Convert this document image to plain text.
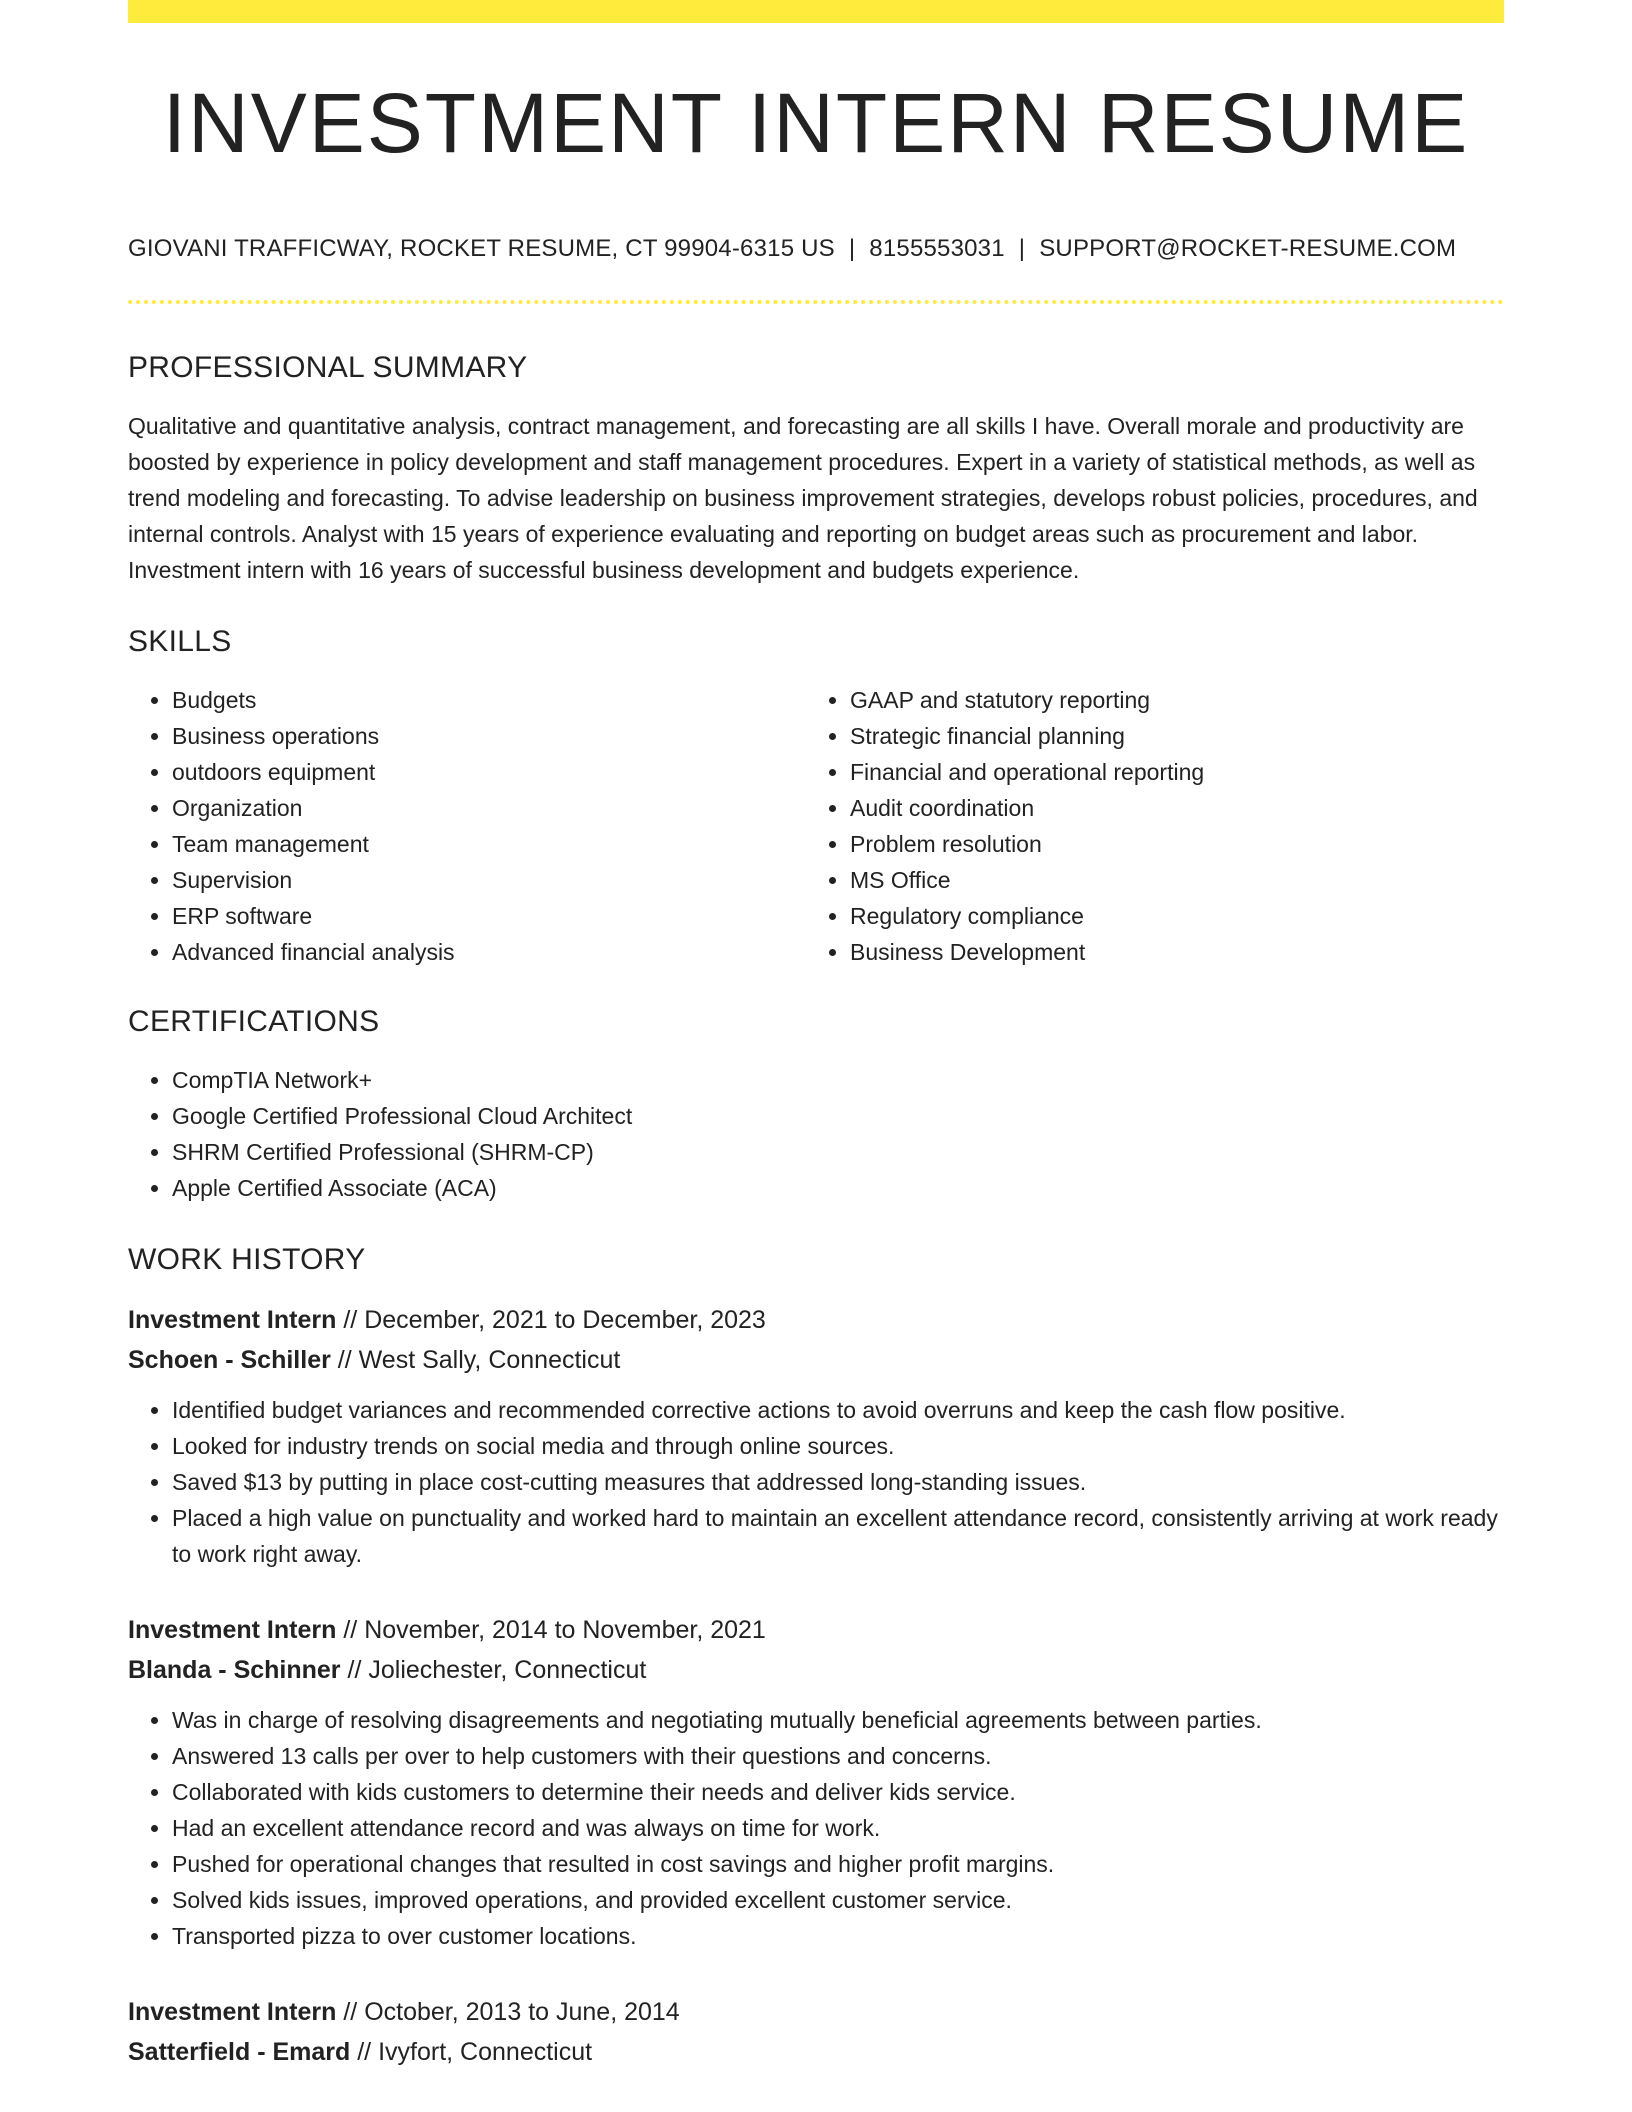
INVESTMENT INTERN RESUME
GIOVANI TRAFFICWAY, ROCKET RESUME, CT 99904-6315 US | 8155553031 | SUPPORT@ROCKET-RESUME.COM
PROFESSIONAL SUMMARY
Qualitative and quantitative analysis, contract management, and forecasting are all skills I have. Overall morale and productivity are boosted by experience in policy development and staff management procedures. Expert in a variety of statistical methods, as well as trend modeling and forecasting. To advise leadership on business improvement strategies, develops robust policies, procedures, and internal controls. Analyst with 15 years of experience evaluating and reporting on budget areas such as procurement and labor. Investment intern with 16 years of successful business development and budgets experience.
SKILLS
• Budgets
• Business operations
• outdoors equipment
• Organization
• Team management
• Supervision
• ERP software
• Advanced financial analysis
• GAAP and statutory reporting
• Strategic financial planning
• Financial and operational reporting
• Audit coordination
• Problem resolution
• MS Office
• Regulatory compliance
• Business Development
CERTIFICATIONS
• CompTIA Network+
• Google Certified Professional Cloud Architect
• SHRM Certified Professional (SHRM-CP)
• Apple Certified Associate (ACA)
WORK HISTORY
Investment Intern // December, 2021 to December, 2023
Schoen - Schiller // West Sally, Connecticut
• Identified budget variances and recommended corrective actions to avoid overruns and keep the cash flow positive.
• Looked for industry trends on social media and through online sources.
• Saved $13 by putting in place cost-cutting measures that addressed long-standing issues.
• Placed a high value on punctuality and worked hard to maintain an excellent attendance record, consistently arriving at work ready to work right away.
Investment Intern // November, 2014 to November, 2021
Blanda - Schinner // Joliechester, Connecticut
• Was in charge of resolving disagreements and negotiating mutually beneficial agreements between parties.
• Answered 13 calls per over to help customers with their questions and concerns.
• Collaborated with kids customers to determine their needs and deliver kids service.
• Had an excellent attendance record and was always on time for work.
• Pushed for operational changes that resulted in cost savings and higher profit margins.
• Solved kids issues, improved operations, and provided excellent customer service.
• Transported pizza to over customer locations.
Investment Intern // October, 2013 to June, 2014
Satterfield - Emard // Ivyfort, Connecticut
